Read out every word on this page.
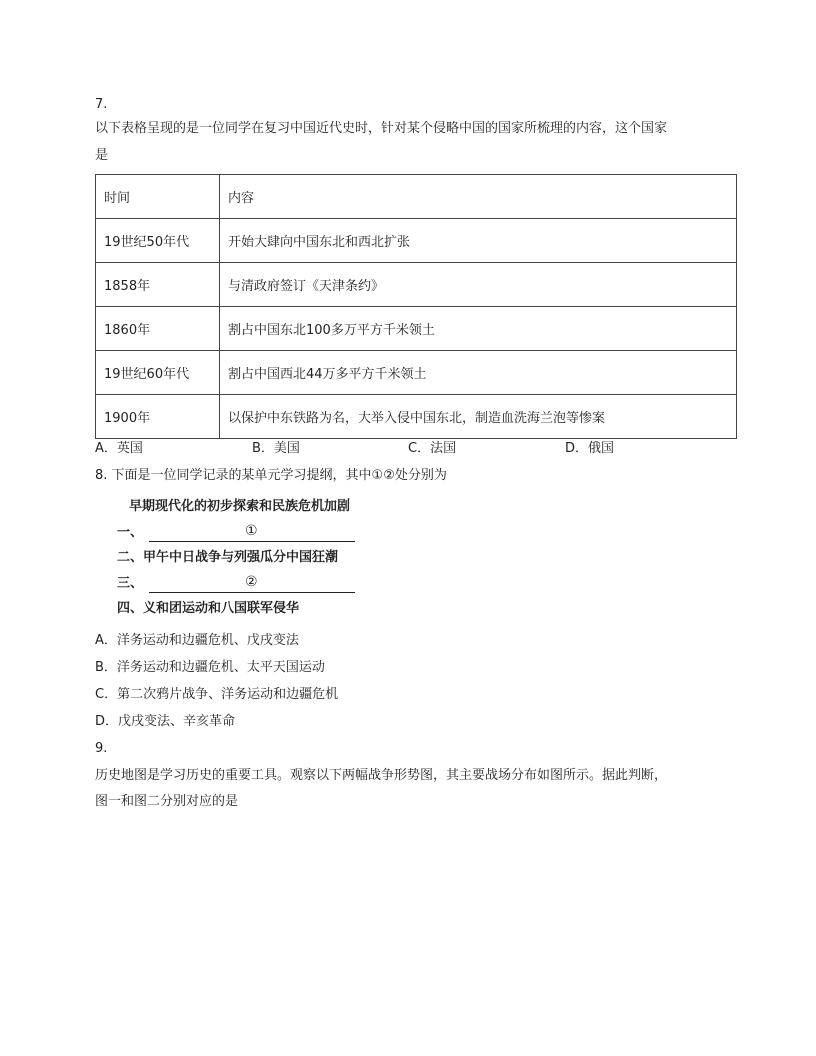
7.
以下表格呈现的是一位同学在复习中国近代史时，针对某个侵略中国的国家所梳理的内容，这个国家
是
时间	内容
19世纪50年代	开始大肆向中国东北和西北扩张
1858年	与清政府签订《天津条约》
1860年	割占中国东北100多万平方千米领土
19世纪60年代	割占中国西北44万多平方千米领土
1900年	以保护中东铁路为名，大举入侵中国东北，制造血洗海兰泡等惨案
A．英国	B．美国	C．法国	D．俄国
8. 下面是一位同学记录的某单元学习提纲，其中①②处分别为
早期现代化的初步探索和民族危机加剧
一、	①
二、甲午中日战争与列强瓜分中国狂潮
三、	②
四、义和团运动和八国联军侵华
A．洋务运动和边疆危机、戊戌变法
B．洋务运动和边疆危机、太平天国运动
C．第二次鸦片战争、洋务运动和边疆危机
D．戊戌变法、辛亥革命
9.
历史地图是学习历史的重要工具。观察以下两幅战争形势图，其主要战场分布如图所示。据此判断，
图一和图二分别对应的是
